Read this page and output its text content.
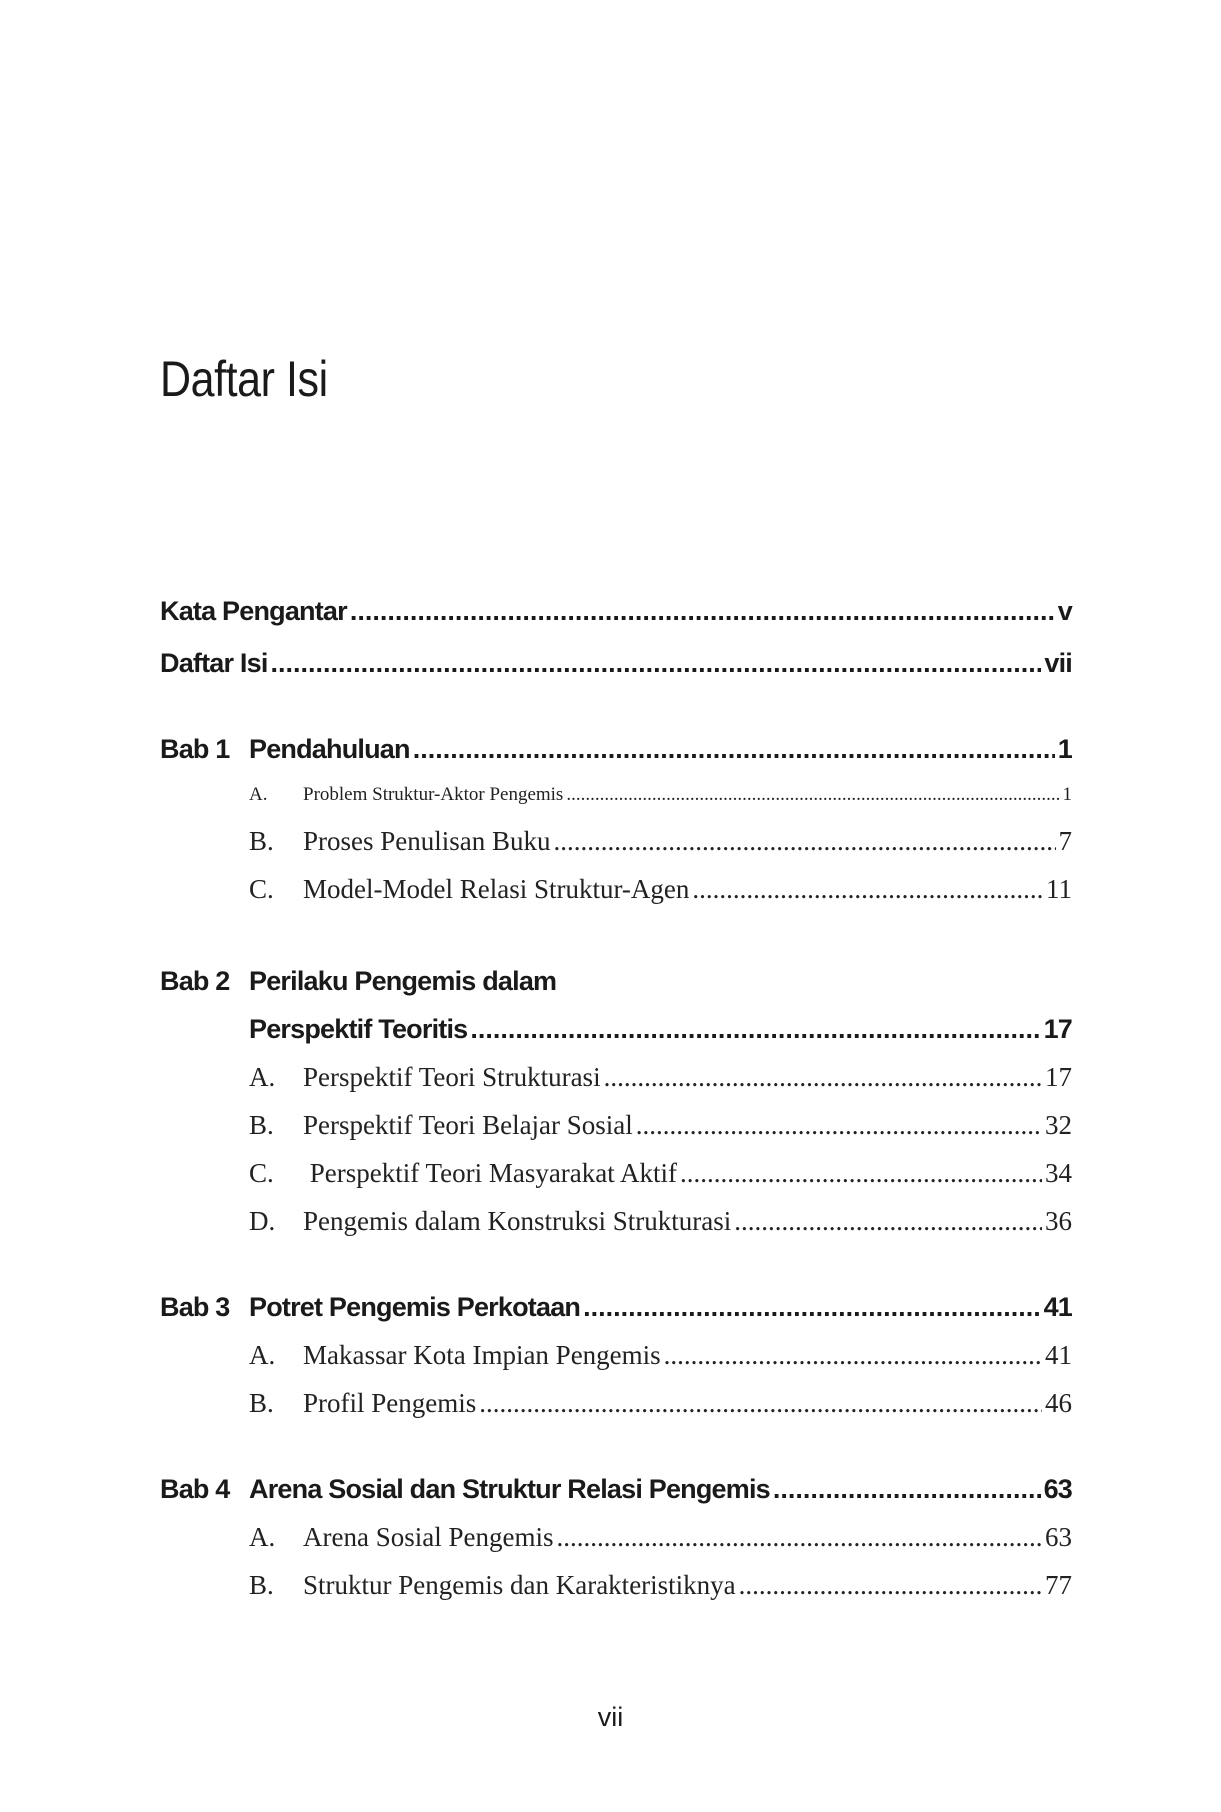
Daftar Isi
Kata Pengantar .....	v
Daftar Isi .....	vii
Bab 1 Pendahuluan .....	1
A.	Problem Struktur-Aktor Pengemis .....	1
B.	Proses Penulisan Buku .....	7
C.	Model-Model Relasi Struktur-Agen .....	11
Bab 2 Perilaku Pengemis dalam
Perspektif Teoritis .....	17
A.	Perspektif Teori Strukturasi .....	17
B.	Perspektif Teori Belajar Sosial .....	32
C.	Perspektif Teori Masyarakat Aktif .....	34
D.	Pengemis dalam Konstruksi Strukturasi .....	36
Bab 3 Potret Pengemis Perkotaan .....	41
A.	Makassar Kota Impian Pengemis .....	41
B.	Profil Pengemis .....	46
Bab 4 Arena Sosial dan Struktur Relasi Pengemis .....	63
A.	Arena Sosial Pengemis .....	63
B.	Struktur Pengemis dan Karakteristiknya .....	77
vii
